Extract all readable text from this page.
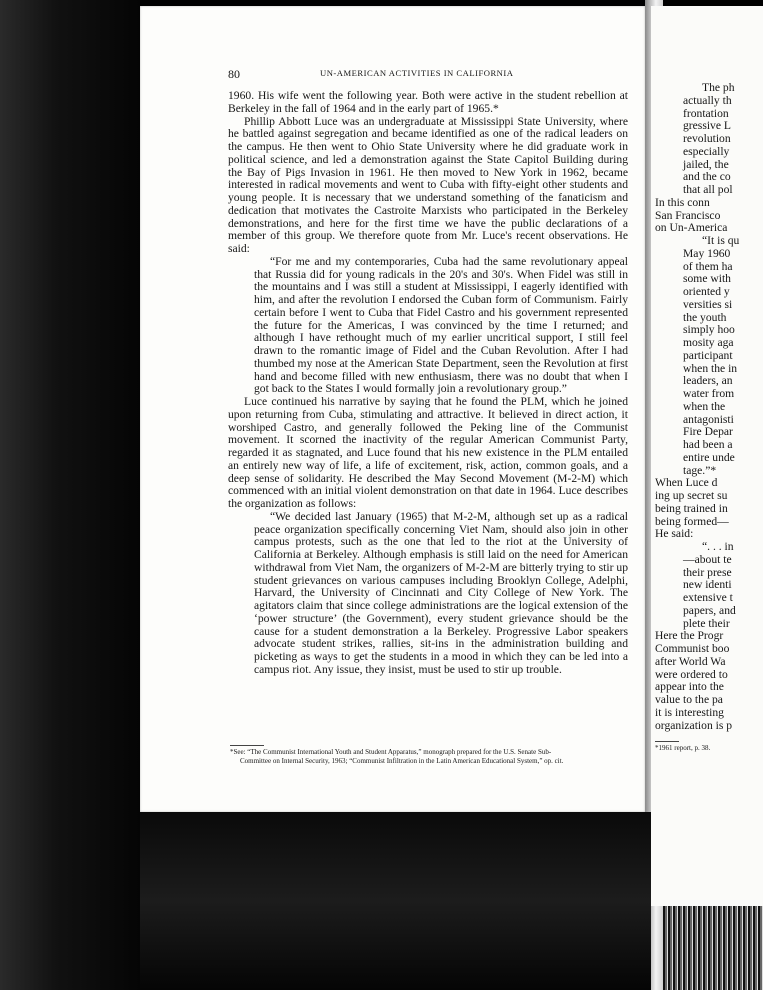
80	UN-AMERICAN ACTIVITIES IN CALIFORNIA

1960. His wife went the following year. Both were active in the student rebellion at Berkeley in the fall of 1964 and in the early part of 1965.*

Phillip Abbott Luce was an undergraduate at Mississippi State University, where he battled against segregation and became identified as one of the radical leaders on the campus. He then went to Ohio State University where he did graduate work in political science, and led a demonstration against the State Capitol Building during the Bay of Pigs Invasion in 1961. He then moved to New York in 1962, became interested in radical movements and went to Cuba with fifty-eight other students and young people. It is necessary that we understand something of the fanaticism and dedication that motivates the Castroite Marxists who participated in the Berkeley demonstrations, and here for the first time we have the public declarations of a member of this group. We therefore quote from Mr. Luce's recent observations. He said:

“For me and my contemporaries, Cuba had the same revolutionary appeal that Russia did for young radicals in the 20's and 30's. When Fidel was still in the mountains and I was still a student at Mississippi, I eagerly identified with him, and after the revolution I endorsed the Cuban form of Communism. Fairly certain before I went to Cuba that Fidel Castro and his government represented the future for the Americas, I was convinced by the time I returned; and although I have rethought much of my earlier uncritical support, I still feel drawn to the romantic image of Fidel and the Cuban Revolution. After I had thumbed my nose at the American State Department, seen the Revolution at first hand and become filled with new enthusiasm, there was no doubt that when I got back to the States I would formally join a revolutionary group.”

Luce continued his narrative by saying that he found the PLM, which he joined upon returning from Cuba, stimulating and attractive. It believed in direct action, it worshiped Castro, and generally followed the Peking line of the Communist movement. It scorned the inactivity of the regular American Communist Party, regarded it as stagnated, and Luce found that his new existence in the PLM entailed an entirely new way of life, a life of excitement, risk, action, common goals, and a deep sense of solidarity. He described the May Second Movement (M-2-M) which commenced with an initial violent demonstration on that date in 1964. Luce describes the organization as follows:

“We decided last January (1965) that M-2-M, although set up as a radical peace organization specifically concerning Viet Nam, should also join in other campus protests, such as the one that led to the riot at the University of California at Berkeley. Although emphasis is still laid on the need for American withdrawal from Viet Nam, the organizers of M-2-M are bitterly trying to stir up student grievances on various campuses including Brooklyn College, Adelphi, Harvard, the University of Cincinnati and City College of New York. The agitators claim that since college administrations are the logical extension of the ‘power structure’ (the Government), every student grievance should be the cause for a student demonstration a la Berkeley. Progressive Labor speakers advocate student strikes, rallies, sit-ins in the administration building and picketing as ways to get the students in a mood in which they can be led into a campus riot. Any issue, they insist, must be used to stir up trouble.

*See: “The Communist International Youth and Student Apparatus,” monograph prepared for the U.S. Senate Sub-
Committee on Internal Security, 1963; “Communist Infiltration in the Latin American Educational System,” op. cit.
The ph
actually th
frontation
gressive L
revolution
especially
jailed, the
and the co
that all pol
In this conn
San Francisco
on Un-America
“It is qu
May 1960
of them ha
some with
oriented y
versities si
the youth
simply hoo
mosity aga
participant
when the in
leaders, an
water from
when the
antagonisti
Fire Depar
had been a
entire unde
tage.”*
When Luce d
ing up secret su
being trained in
being formed—
He said:
“. . . in
—about te
their prese
new identi
extensive t
papers, and
plete their
Here the Progr
Communist boo
after World Wa
were ordered to
appear into the
value to the pa
it is interesting
organization is p
*1961 report, p. 38.
